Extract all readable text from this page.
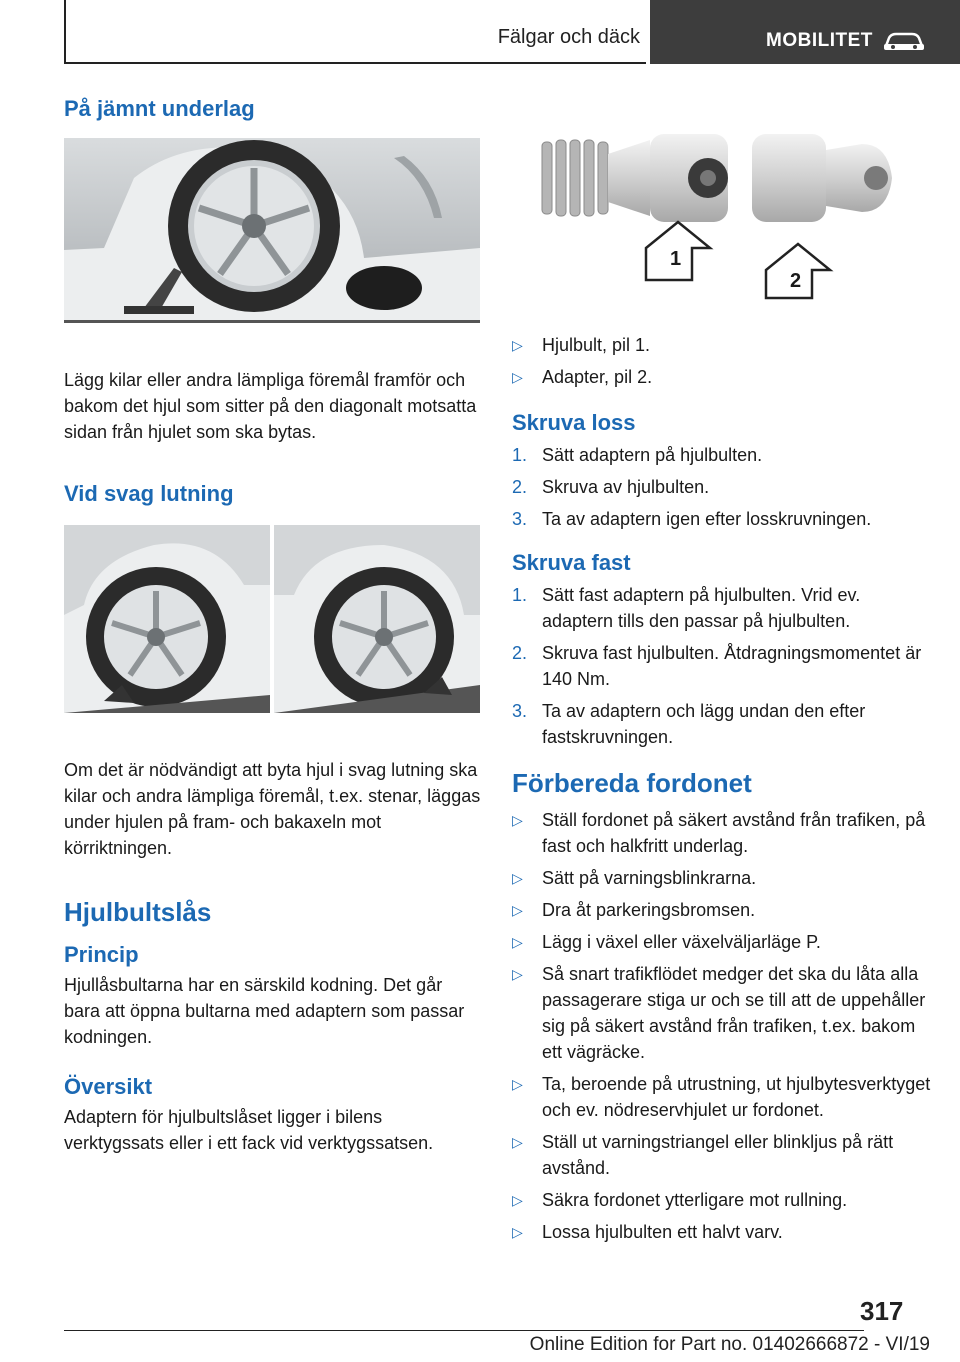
Fälgar och däck	MOBILITET
På jämnt underlag

Lägg kilar eller andra lämpliga föremål framför och bakom det hjul som sitter på den diagonalt motsatta sidan från hjulet som ska bytas.

Vid svag lutning

Om det är nödvändigt att byta hjul i svag lutning ska kilar och andra lämpliga föremål, t.ex. stenar, läggas under hjulen på fram- och bakaxeln mot körriktningen.

Hjulbultslås
Princip

Hjullåsbultarna har en särskild kodning. Det går bara att öppna bultarna med adaptern som passar kodningen.

Översikt

Adaptern för hjulbultslåset ligger i bilens verktygssats eller i ett fack vid verktygssatsen.

1
2
▷ Hjulbult, pil 1.
▷ Adapter, pil 2.
Skruva loss
1. Sätt adaptern på hjulbulten.
2. Skruva av hjulbulten.
3. Ta av adaptern igen efter losskruvningen.
Skruva fast
1. Sätt fast adaptern på hjulbulten. Vrid ev. adaptern tills den passar på hjulbulten.
2. Skruva fast hjulbulten. Åtdragningsmomentet är 140 Nm.
3. Ta av adaptern och lägg undan den efter fastskruvningen.
Förbereda fordonet
▷ Ställ fordonet på säkert avstånd från trafiken, på fast och halkfritt underlag.
▷ Sätt på varningsblinkrarna.
▷ Dra åt parkeringsbromsen.
▷ Lägg i växel eller växelväljarläge P.
▷ Så snart trafikflödet medger det ska du låta alla passagerare stiga ur och se till att de uppehåller sig på säkert avstånd från trafiken, t.ex. bakom ett vägräcke.
▷ Ta, beroende på utrustning, ut hjulbytesverktyget och ev. nödreservhjulet ur fordonet.
▷ Ställ ut varningstriangel eller blinkljus på rätt avstånd.
▷ Säkra fordonet ytterligare mot rullning.
▷ Lossa hjulbulten ett halvt varv.
317
Online Edition for Part no. 01402666872 - VI/19
